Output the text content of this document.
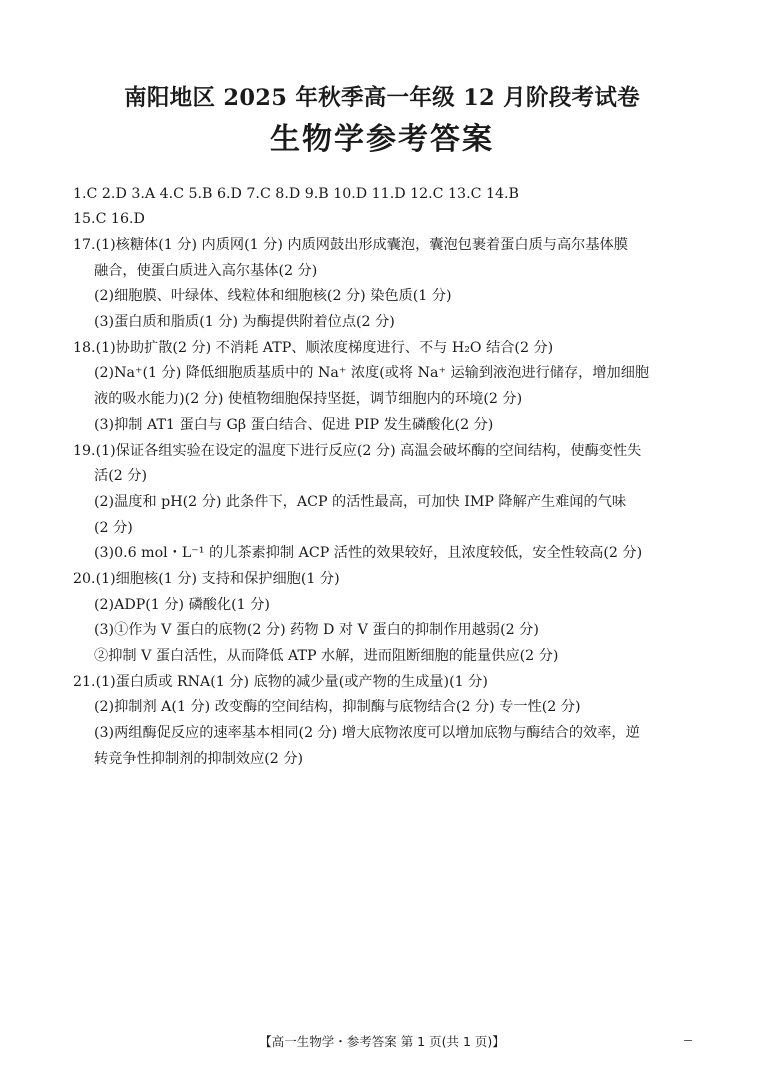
南阳地区 2025 年秋季高一年级 12 月阶段考试卷
生物学参考答案
1.C 2.D 3.A 4.C 5.B 6.D 7.C 8.D 9.B 10.D 11.D 12.C 13.C 14.B
15.C 16.D
17.(1)核糖体(1 分) 内质网(1 分) 内质网鼓出形成囊泡，囊泡包裹着蛋白质与高尔基体膜
融合，使蛋白质进入高尔基体(2 分)
(2)细胞膜、叶绿体、线粒体和细胞核(2 分) 染色质(1 分)
(3)蛋白质和脂质(1 分) 为酶提供附着位点(2 分)
18.(1)协助扩散(2 分) 不消耗 ATP、顺浓度梯度进行、不与 H₂O 结合(2 分)
(2)Na⁺(1 分) 降低细胞质基质中的 Na⁺ 浓度(或将 Na⁺ 运输到液泡进行储存，增加细胞
液的吸水能力)(2 分) 使植物细胞保持坚挺，调节细胞内的环境(2 分)
(3)抑制 AT1 蛋白与 Gβ 蛋白结合、促进 PIP 发生磷酸化(2 分)
19.(1)保证各组实验在设定的温度下进行反应(2 分) 高温会破坏酶的空间结构，使酶变性失
活(2 分)
(2)温度和 pH(2 分) 此条件下，ACP 的活性最高，可加快 IMP 降解产生难闻的气味
(2 分)
(3)0.6 mol・L⁻¹ 的儿茶素抑制 ACP 活性的效果较好，且浓度较低，安全性较高(2 分)
20.(1)细胞核(1 分) 支持和保护细胞(1 分)
(2)ADP(1 分) 磷酸化(1 分)
(3)①作为 V 蛋白的底物(2 分) 药物 D 对 V 蛋白的抑制作用越弱(2 分)
②抑制 V 蛋白活性，从而降低 ATP 水解，进而阻断细胞的能量供应(2 分)
21.(1)蛋白质或 RNA(1 分) 底物的减少量(或产物的生成量)(1 分)
(2)抑制剂 A(1 分) 改变酶的空间结构，抑制酶与底物结合(2 分) 专一性(2 分)
(3)两组酶促反应的速率基本相同(2 分) 增大底物浓度可以增加底物与酶结合的效率，逆
转竞争性抑制剂的抑制效应(2 分)
【高一生物学・参考答案 第 1 页(共 1 页)】
